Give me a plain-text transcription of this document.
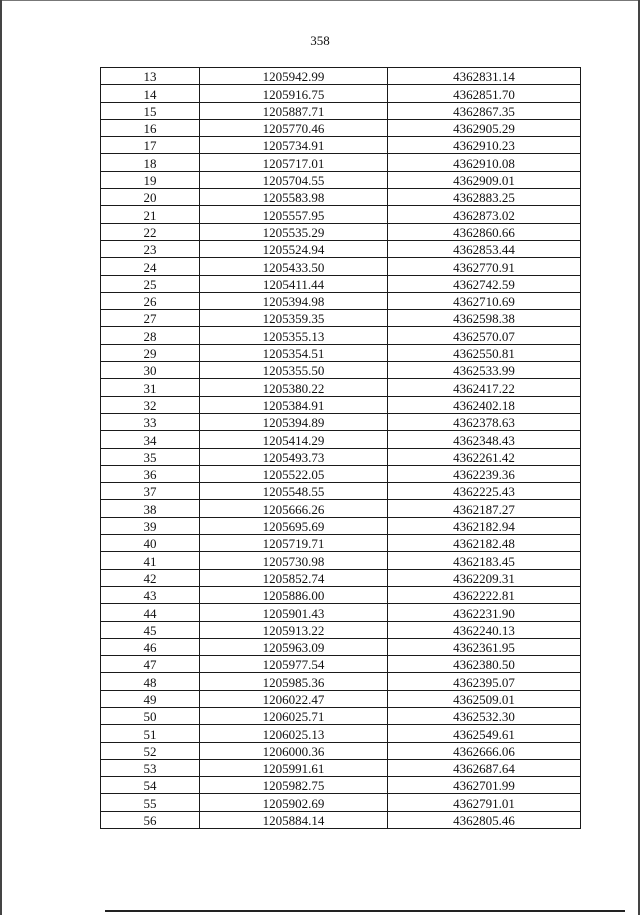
358
13	1205942.99	4362831.14
14	1205916.75	4362851.70
15	1205887.71	4362867.35
16	1205770.46	4362905.29
17	1205734.91	4362910.23
18	1205717.01	4362910.08
19	1205704.55	4362909.01
20	1205583.98	4362883.25
21	1205557.95	4362873.02
22	1205535.29	4362860.66
23	1205524.94	4362853.44
24	1205433.50	4362770.91
25	1205411.44	4362742.59
26	1205394.98	4362710.69
27	1205359.35	4362598.38
28	1205355.13	4362570.07
29	1205354.51	4362550.81
30	1205355.50	4362533.99
31	1205380.22	4362417.22
32	1205384.91	4362402.18
33	1205394.89	4362378.63
34	1205414.29	4362348.43
35	1205493.73	4362261.42
36	1205522.05	4362239.36
37	1205548.55	4362225.43
38	1205666.26	4362187.27
39	1205695.69	4362182.94
40	1205719.71	4362182.48
41	1205730.98	4362183.45
42	1205852.74	4362209.31
43	1205886.00	4362222.81
44	1205901.43	4362231.90
45	1205913.22	4362240.13
46	1205963.09	4362361.95
47	1205977.54	4362380.50
48	1205985.36	4362395.07
49	1206022.47	4362509.01
50	1206025.71	4362532.30
51	1206025.13	4362549.61
52	1206000.36	4362666.06
53	1205991.61	4362687.64
54	1205982.75	4362701.99
55	1205902.69	4362791.01
56	1205884.14	4362805.46
